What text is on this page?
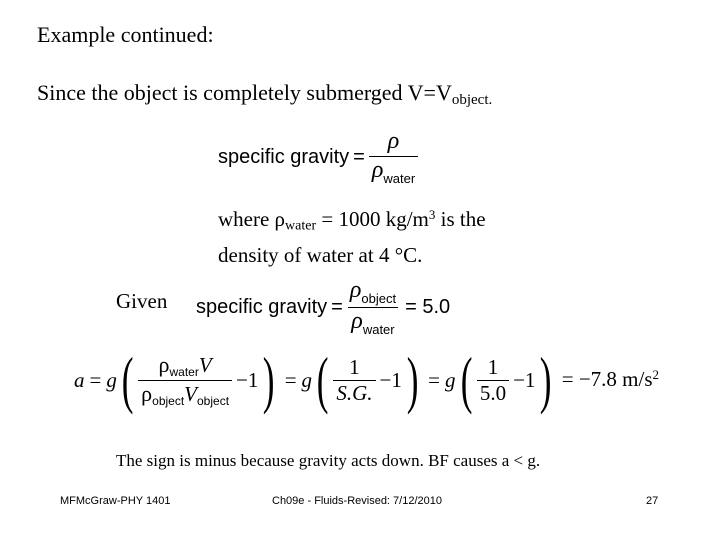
Example continued:
Since the object is completely submerged $V=V_{object.}$
specific gravity = $\frac{\rho}{\rho_{water}}$
where $\rho_{water} = 1000$ $kg/m^3$ is the
density of water at 4 °C.
Given specific gravity = $\frac{\rho_{object}}{\rho_{water}} = 5.0$
a = g ( $\frac{\text{ρwaterV}}{\text{ρobjectVobject}} -1$ ) = g ( $\frac{1}{S.G.} -1$ ) = g ( $\frac{1}{5.0} -1$ ) = −7.8 $m/s^2$
The sign is minus because gravity acts down. BF causes a < g.
MFMcGraw-PHY 1401	Ch09e - Fluids-Revised: 7/12/2010	27
